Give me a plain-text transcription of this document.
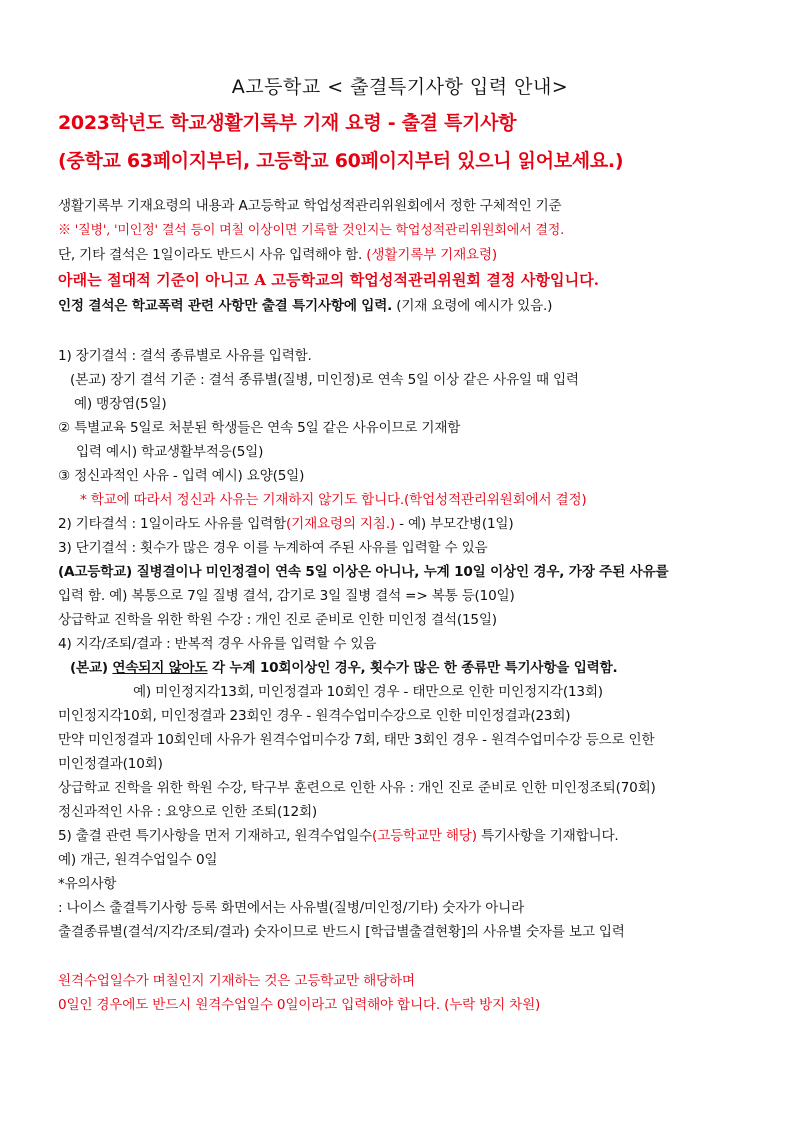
A고등학교 < 출결특기사항 입력 안내>
2023학년도 학교생활기록부 기재 요령 - 출결 특기사항
(중학교 63페이지부터, 고등학교 60페이지부터 있으니 읽어보세요.)
생활기록부 기재요령의 내용과 A고등학교 학업성적관리위원회에서 정한 구체적인 기준
※ '질병', '미인정' 결석 등이 며칠 이상이면 기록할 것인지는 학업성적관리위원회에서 결정.
단, 기타 결석은 1일이라도 반드시 사유 입력해야 함. (생활기록부 기재요령)
아래는 절대적 기준이 아니고 A 고등학교의 학업성적관리위원회 결정 사항입니다.
인정 결석은 학교폭력 관련 사항만 출결 특기사항에 입력. (기재 요령에 예시가 있음.)
1) 장기결석 : 결석 종류별로 사유를 입력함.
(본교) 장기 결석 기준 : 결석 종류별(질병, 미인정)로 연속 5일 이상 같은 사유일 때 입력
예) 맹장염(5일)
② 특별교육 5일로 처분된 학생들은 연속 5일 같은 사유이므로 기재함
입력 예시) 학교생활부적응(5일)
③ 정신과적인 사유 - 입력 예시) 요양(5일)
* 학교에 따라서 정신과 사유는 기재하지 않기도 합니다.(학업성적관리위원회에서 결정)
2) 기타결석 : 1일이라도 사유를 입력함(기재요령의 지침.) - 예) 부모간병(1일)
3) 단기결석 : 횟수가 많은 경우 이를 누계하여 주된 사유를 입력할 수 있음
(A고등학교) 질병결이나 미인정결이 연속 5일 이상은 아니나, 누계 10일 이상인 경우, 가장 주된 사유를
입력 함. 예) 복통으로 7일 질병 결석, 감기로 3일 질병 결석 => 복통 등(10일)
상급학교 진학을 위한 학원 수강 : 개인 진로 준비로 인한 미인정 결석(15일)
4) 지각/조퇴/결과 : 반복적 경우 사유를 입력할 수 있음
(본교) 연속되지 않아도 각 누계 10회이상인 경우, 횟수가 많은 한 종류만 특기사항을 입력함.
예) 미인정지각13회, 미인정결과 10회인 경우 - 태만으로 인한 미인정지각(13회)
미인정지각10회, 미인정결과 23회인 경우 - 원격수업미수강으로 인한 미인정결과(23회)
만약 미인정결과 10회인데 사유가 원격수업미수강 7회, 태만 3회인 경우 - 원격수업미수강 등으로 인한
미인정결과(10회)
상급학교 진학을 위한 학원 수강, 탁구부 훈련으로 인한 사유 : 개인 진로 준비로 인한 미인정조퇴(70회)
정신과적인 사유 : 요양으로 인한 조퇴(12회)
5) 출결 관련 특기사항을 먼저 기재하고, 원격수업일수(고등학교만 해당) 특기사항을 기재합니다.
예) 개근, 원격수업일수 0일
*유의사항
: 나이스 출결특기사항 등록 화면에서는 사유별(질병/미인정/기타) 숫자가 아니라
출결종류별(결석/지각/조퇴/결과) 숫자이므로 반드시 [학급별출결현황]의 사유별 숫자를 보고 입력
원격수업일수가 며칠인지 기재하는 것은 고등학교만 해당하며
0일인 경우에도 반드시 원격수업일수 0일이라고 입력해야 합니다. (누락 방지 차원)
